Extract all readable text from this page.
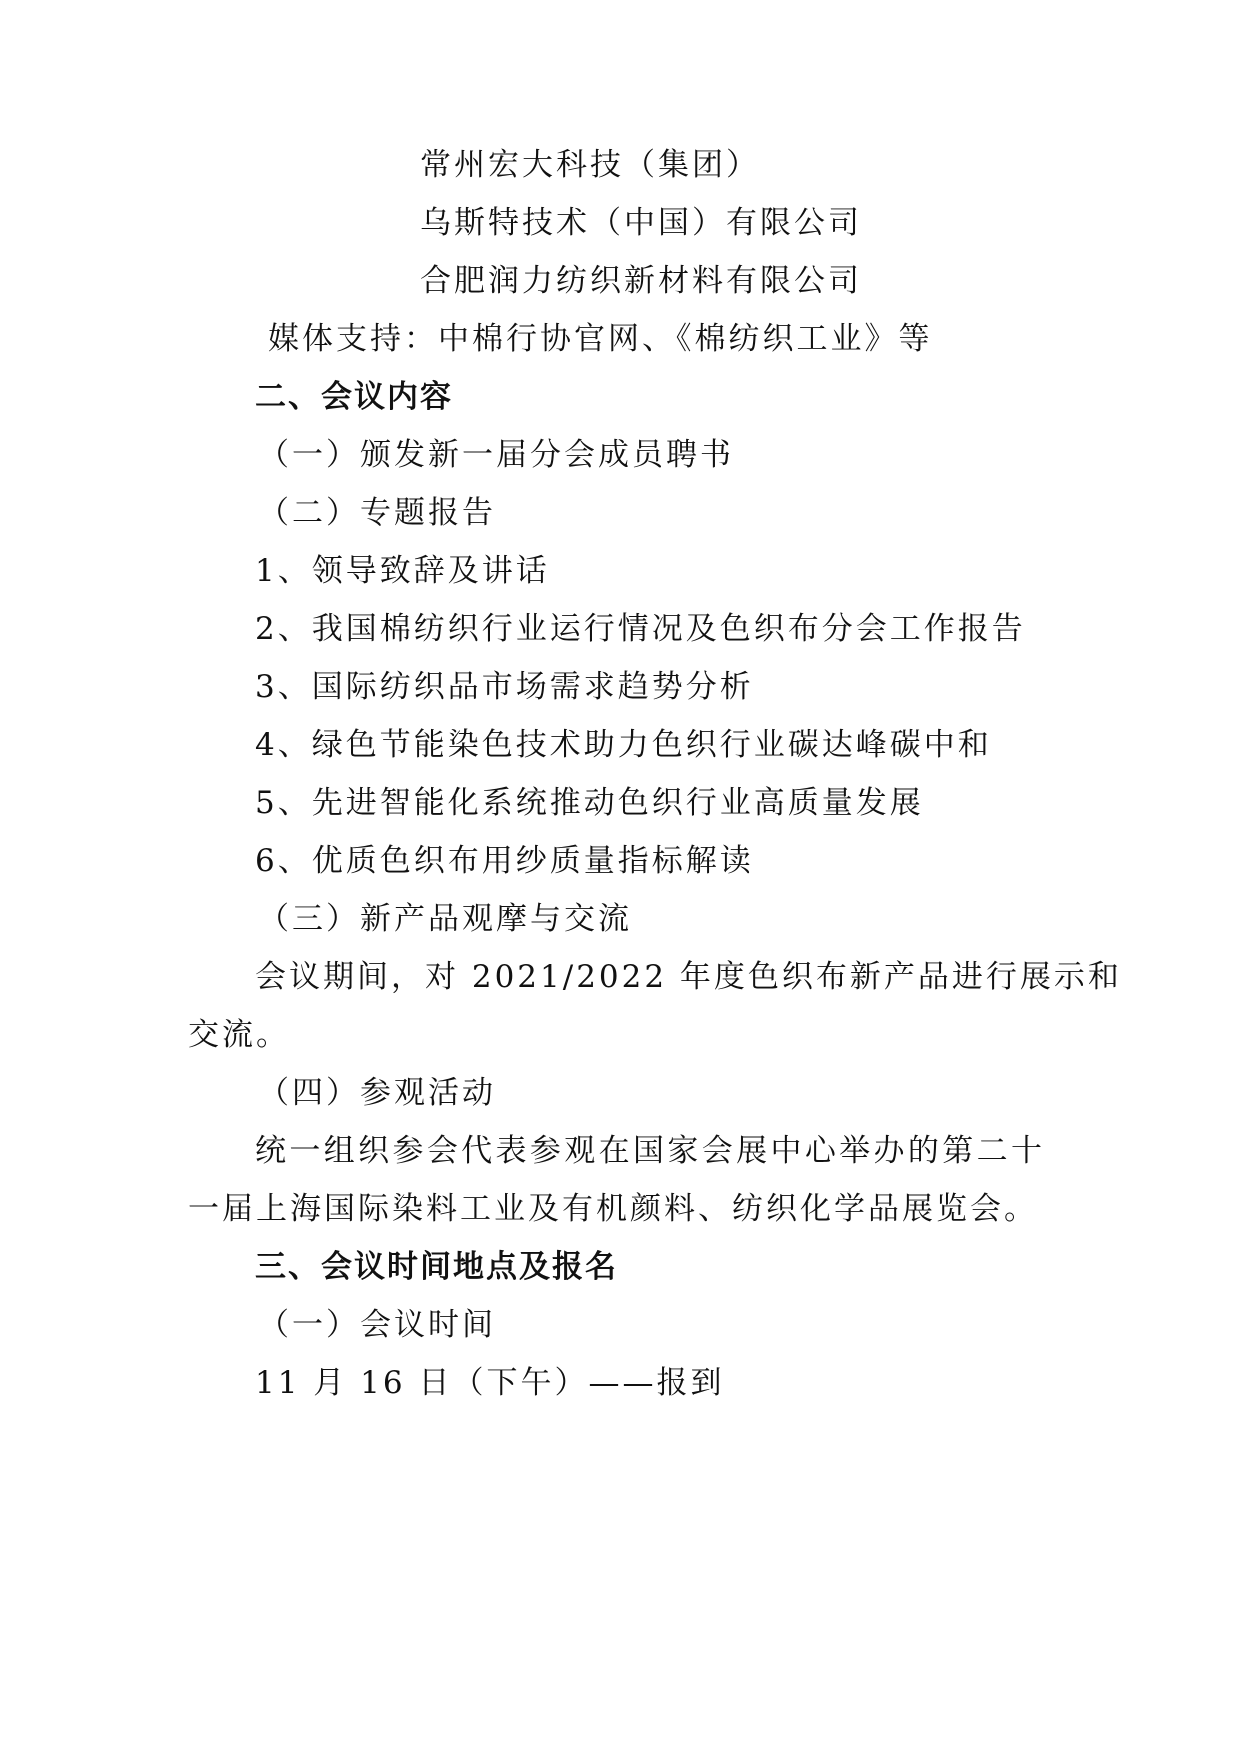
常州宏大科技（集团）
乌斯特技术（中国）有限公司
合肥润力纺织新材料有限公司
媒体支持：中棉行协官网、《棉纺织工业》等
二、会议内容
（一）颁发新一届分会成员聘书
（二）专题报告
1、领导致辞及讲话
2、我国棉纺织行业运行情况及色织布分会工作报告
3、国际纺织品市场需求趋势分析
4、绿色节能染色技术助力色织行业碳达峰碳中和
5、先进智能化系统推动色织行业高质量发展
6、优质色织布用纱质量指标解读
（三）新产品观摩与交流
会议期间，对 2021/2022 年度色织布新产品进行展示和
交流。
（四）参观活动
统一组织参会代表参观在国家会展中心举办的第二十
一届上海国际染料工业及有机颜料、纺织化学品展览会。
三、会议时间地点及报名
（一）会议时间
11 月 16 日（下午）——报到
